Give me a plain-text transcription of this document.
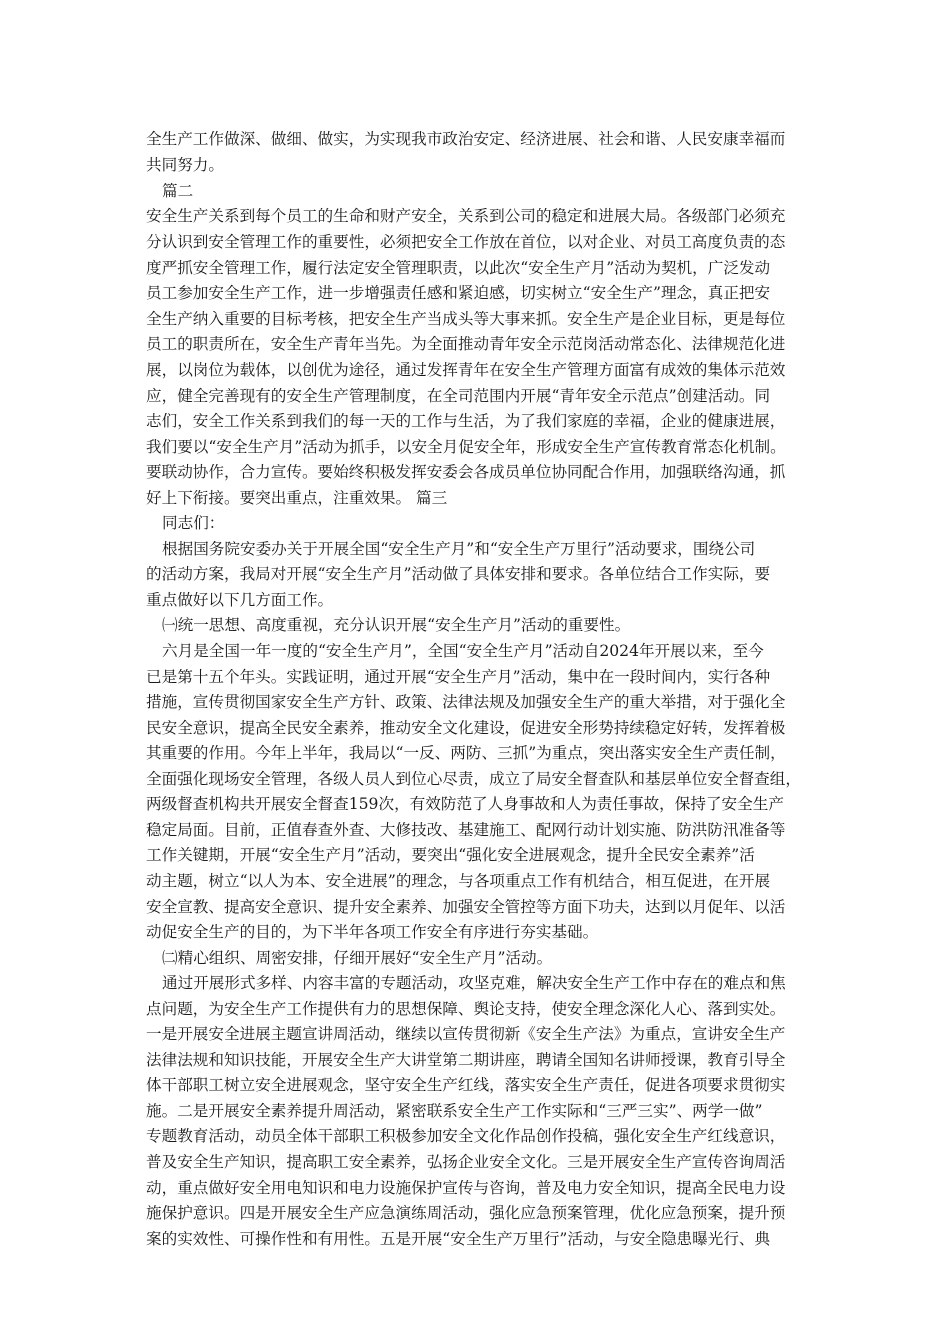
全生产工作做深、做细、做实，为实现我市政治安定、经济进展、社会和谐、人民安康幸福而

共同努力。

篇二

安全生产关系到每个员工的生命和财产安全，关系到公司的稳定和进展大局。各级部门必须充

分认识到安全管理工作的重要性，必须把安全工作放在首位，以对企业、对员工高度负责的态

度严抓安全管理工作，履行法定安全管理职责，以此次“安全生产月”活动为契机，广泛发动

员工参加安全生产工作，进一步增强责任感和紧迫感，切实树立“安全生产”理念，真正把安

全生产纳入重要的目标考核，把安全生产当成头等大事来抓。安全生产是企业目标，更是每位

员工的职责所在，安全生产青年当先。为全面推动青年安全示范岗活动常态化、法律规范化进

展，以岗位为载体，以创优为途径，通过发挥青年在安全生产管理方面富有成效的集体示范效

应，健全完善现有的安全生产管理制度，在全司范围内开展“青年安全示范点”创建活动。同

志们，安全工作关系到我们的每一天的工作与生活，为了我们家庭的幸福，企业的健康进展，

我们要以“安全生产月”活动为抓手，以安全月促安全年，形成安全生产宣传教育常态化机制。

要联动协作，合力宣传。要始终积极发挥安委会各成员单位协同配合作用，加强联络沟通，抓

好上下衔接。要突出重点，注重效果。 篇三

同志们：

根据国务院安委办关于开展全国“安全生产月”和“安全生产万里行”活动要求，围绕公司

的活动方案，我局对开展“安全生产月”活动做了具体安排和要求。各单位结合工作实际，要

重点做好以下几方面工作。

㈠统一思想、高度重视，充分认识开展“安全生产月”活动的重要性。

六月是全国一年一度的“安全生产月”，全国“安全生产月”活动自2024年开展以来，至今

已是第十五个年头。实践证明，通过开展“安全生产月”活动，集中在一段时间内，实行各种

措施，宣传贯彻国家安全生产方针、政策、法律法规及加强安全生产的重大举措，对于强化全

民安全意识，提高全民安全素养，推动安全文化建设，促进安全形势持续稳定好转，发挥着极

其重要的作用。今年上半年，我局以“一反、两防、三抓”为重点，突出落实安全生产责任制，

全面强化现场安全管理，各级人员人到位心尽责，成立了局安全督查队和基层单位安全督查组，

两级督查机构共开展安全督查159次，有效防范了人身事故和人为责任事故，保持了安全生产

稳定局面。目前，正值春查外查、大修技改、基建施工、配网行动计划实施、防洪防汛准备等

工作关键期，开展“安全生产月”活动，要突出“强化安全进展观念，提升全民安全素养”活

动主题，树立“以人为本、安全进展”的理念，与各项重点工作有机结合，相互促进，在开展

安全宣教、提高安全意识、提升安全素养、加强安全管控等方面下功夫，达到以月促年、以活

动促安全生产的目的，为下半年各项工作安全有序进行夯实基础。

㈡精心组织、周密安排，仔细开展好“安全生产月”活动。

通过开展形式多样、内容丰富的专题活动，攻坚克难，解决安全生产工作中存在的难点和焦

点问题，为安全生产工作提供有力的思想保障、舆论支持，使安全理念深化人心、落到实处。

一是开展安全进展主题宣讲周活动，继续以宣传贯彻新《安全生产法》为重点，宣讲安全生产

法律法规和知识技能，开展安全生产大讲堂第二期讲座，聘请全国知名讲师授课，教育引导全

体干部职工树立安全进展观念，坚守安全生产红线，落实安全生产责任，促进各项要求贯彻实

施。二是开展安全素养提升周活动，紧密联系安全生产工作实际和“三严三实”、两学一做”

专题教育活动，动员全体干部职工积极参加安全文化作品创作投稿，强化安全生产红线意识，

普及安全生产知识，提高职工安全素养，弘扬企业安全文化。三是开展安全生产宣传咨询周活

动，重点做好安全用电知识和电力设施保护宣传与咨询，普及电力安全知识，提高全民电力设

施保护意识。四是开展安全生产应急演练周活动，强化应急预案管理，优化应急预案，提升预

案的实效性、可操作性和有用性。五是开展“安全生产万里行”活动，与安全隐患曝光行、典
